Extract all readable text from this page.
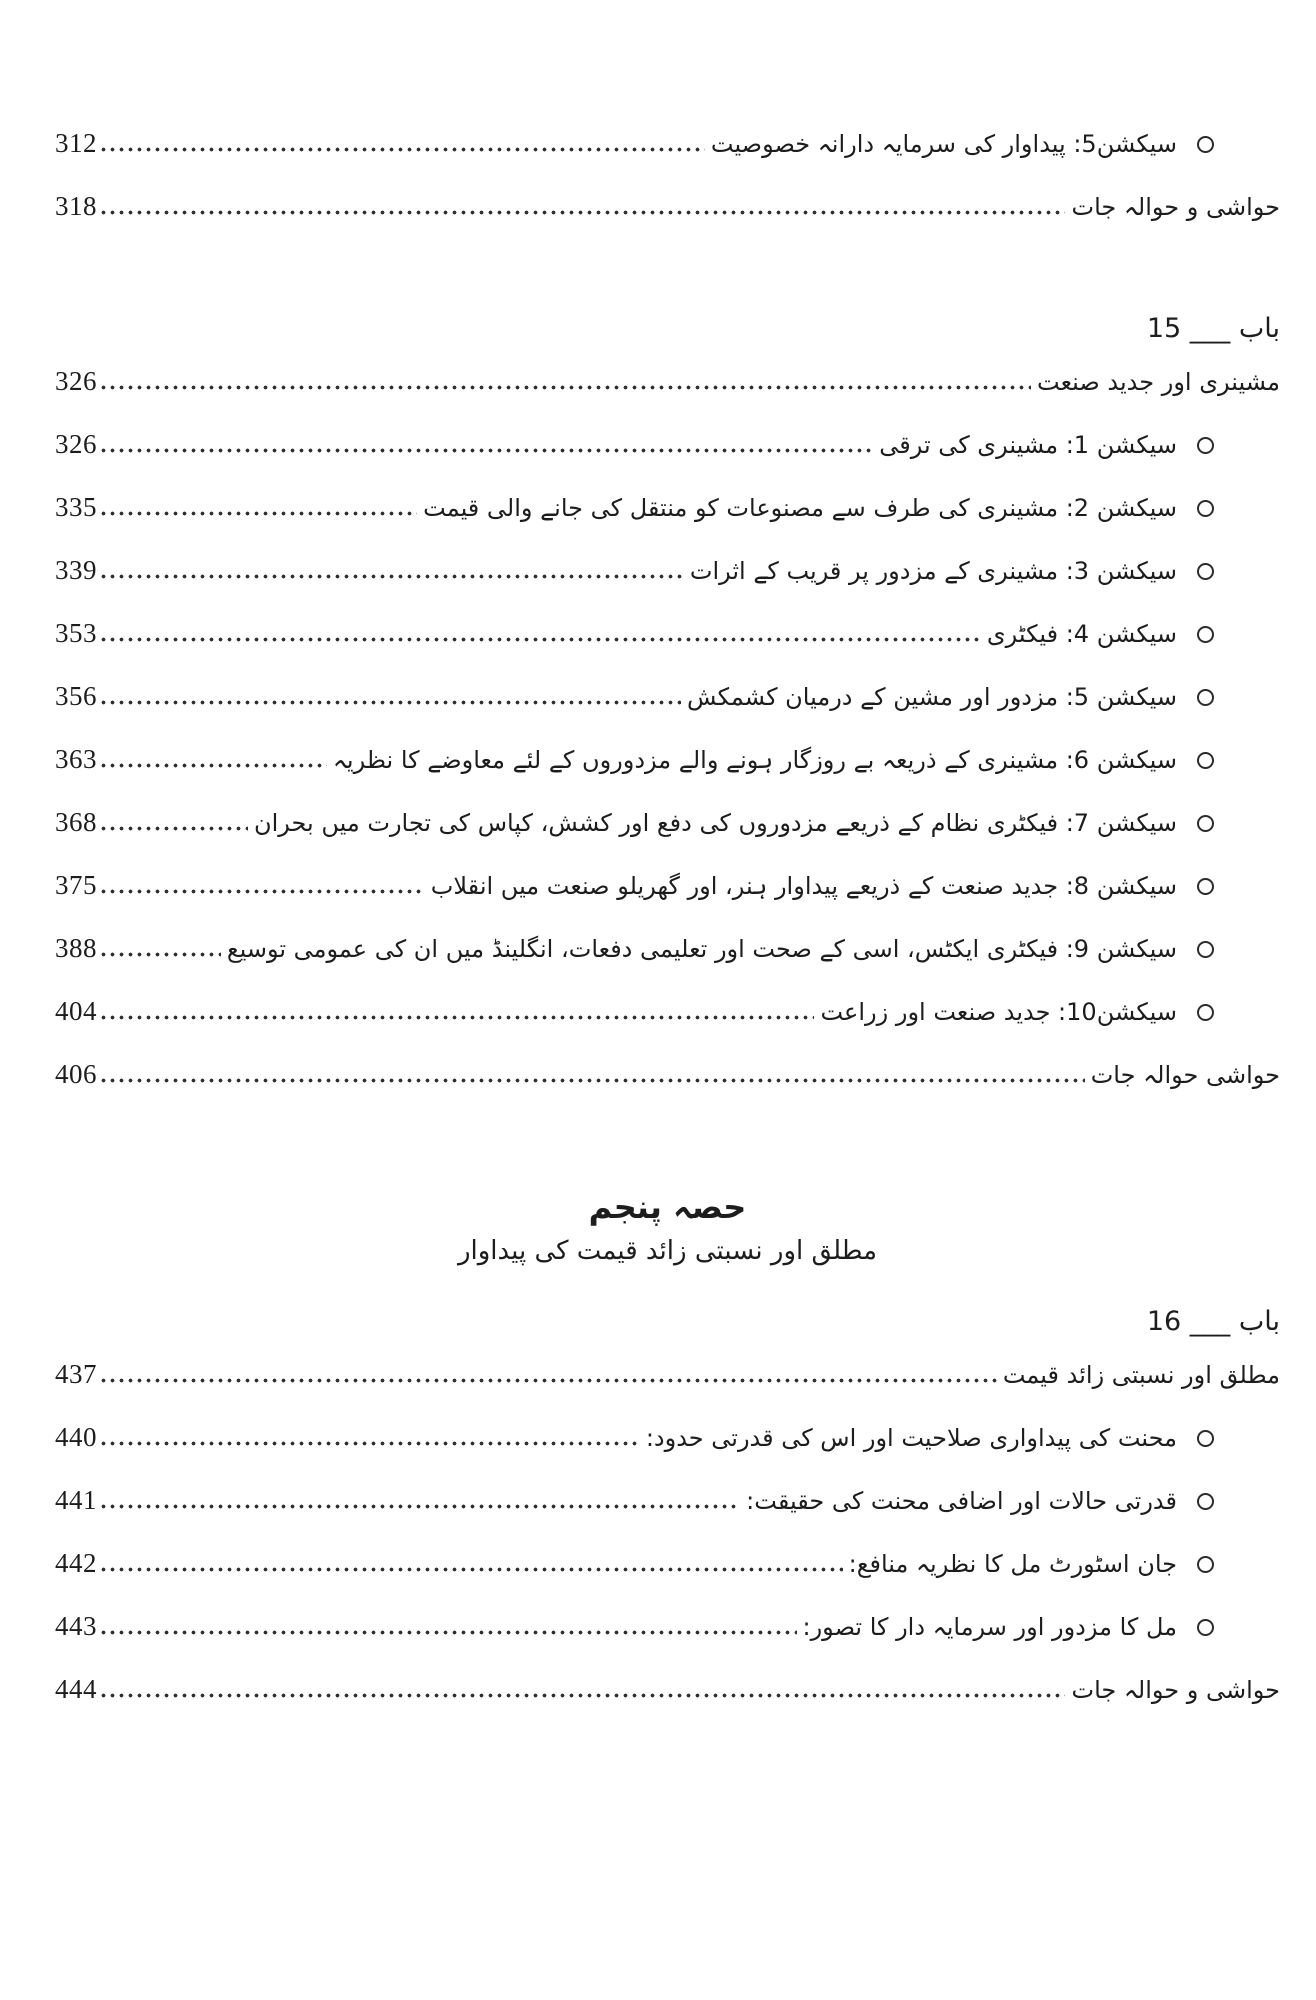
سیکشن5: پیداوار کی سرمایہ دارانہ خصوصیت
312
حواشی و حوالہ جات
318
باب ___ 15
مشینری اور جدید صنعت
326
سیکشن 1: مشینری کی ترقی
326
سیکشن 2: مشینری کی طرف سے مصنوعات کو منتقل کی جانے والی قیمت
335
سیکشن 3: مشینری کے مزدور پر قریب کے اثرات
339
سیکشن 4: فیکٹری
353
سیکشن 5: مزدور اور مشین کے درمیان کشمکش
356
سیکشن 6: مشینری کے ذریعہ بے روزگار ہونے والے مزدوروں کے لئے معاوضے کا نظریہ
363
سیکشن 7: فیکٹری نظام کے ذریعے مزدوروں کی دفع اور کشش، کپاس کی تجارت میں بحران
368
سیکشن 8: جدید صنعت کے ذریعے پیداوار ہنر، اور گھریلو صنعت میں انقلاب
375
سیکشن 9: فیکٹری ایکٹس، اسی کے صحت اور تعلیمی دفعات، انگلینڈ میں ان کی عمومی توسیع
388
سیکشن10: جدید صنعت اور زراعت
404
حواشی حوالہ جات
406
حصہ پنجم
مطلق اور نسبتی زائد قیمت کی پیداوار
باب ___ 16
مطلق اور نسبتی زائد قیمت
437
محنت کی پیداواری صلاحیت اور اس کی قدرتی حدود:
440
قدرتی حالات اور اضافی محنت کی حقیقت:
441
جان اسٹورٹ مل کا نظریہ منافع:
442
مل کا مزدور اور سرمایہ دار کا تصور:
443
حواشی و حوالہ جات
444
